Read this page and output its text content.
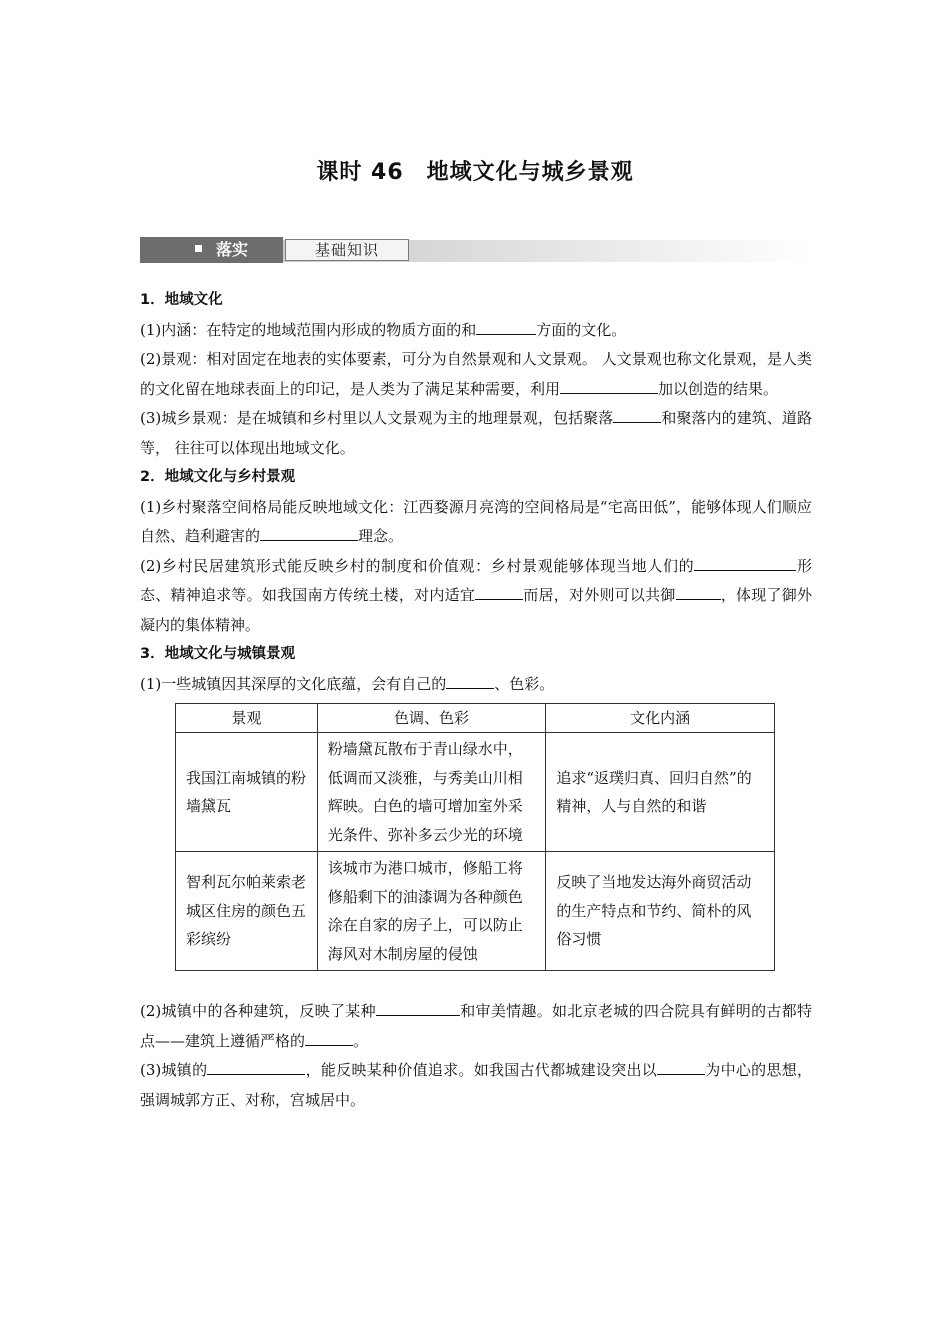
课时 46　地域文化与城乡景观
落实	基础知识

1．地域文化

(1)内涵：在特定的地域范围内形成的物质方面的和	方面的文化。

(2)景观：相对固定在地表的实体要素，可分为自然景观和人文景观。 人文景观也称文化景观，是人类的文化留在地球表面上的印记，是人类为了满足某种需要，利用	加以创造的结果。

(3)城乡景观：是在城镇和乡村里以人文景观为主的地理景观，包括聚落	和聚落内的建筑、道路等， 往往可以体现出地域文化。

2．地域文化与乡村景观

(1)乡村聚落空间格局能反映地域文化：江西婺源月亮湾的空间格局是“宅高田低”，能够体现人们顺应自然、趋利避害的	理念。

(2)乡村民居建筑形式能反映乡村的制度和价值观：乡村景观能够体现当地人们的	形态、精神追求等。如我国南方传统土楼，对内适宜	而居，对外则可以共御	，体现了御外凝内的集体精神。

3．地域文化与城镇景观

(1)一些城镇因其深厚的文化底蕴，会有自己的	、色彩。

景观	色调、色彩	文化内涵
我国江南城镇的粉墙黛瓦	粉墙黛瓦散布于青山绿水中，低调而又淡雅，与秀美山川相辉映。白色的墙可增加室外采光条件、弥补多云少光的环境	追求“返璞归真、回归自然”的精神，人与自然的和谐
智利瓦尔帕莱索老城区住房的颜色五彩缤纷	该城市为港口城市，修船工将修船剩下的油漆调为各种颜色涂在自家的房子上，可以防止海风对木制房屋的侵蚀	反映了当地发达海外商贸活动的生产特点和节约、简朴的风俗习惯

(2)城镇中的各种建筑，反映了某种	和审美情趣。如北京老城的四合院具有鲜明的古都特点——建筑上遵循严格的	。

(3)城镇的	，能反映某种价值追求。如我国古代都城建设突出以	为中心的思想，强调城郭方正、对称，宫城居中。
